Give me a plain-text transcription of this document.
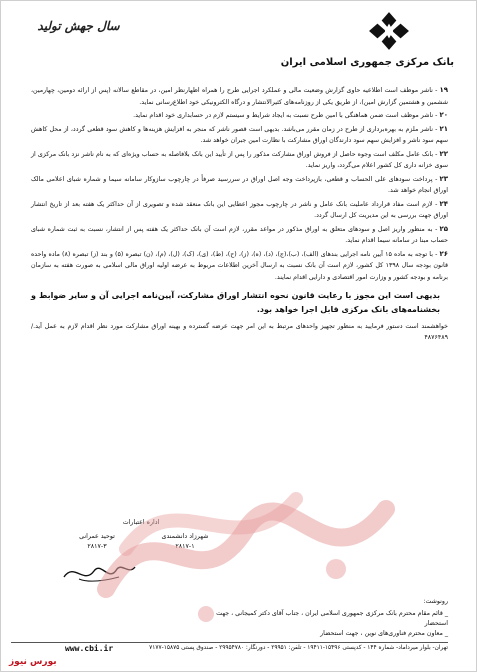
بانک مرکزی جمهوری اسلامی ایران
سال جهش تولید

۱۹- ناشر موظف است اطلاعیه حاوی گزارش وضعیت مالی و عملکرد اجرایی طرح را همراه اظهارنظر امین، در مقاطع سالانه (پس از ارائه دومین، چهارمین، ششمین و هشتمین گزارش امین)، از طریق یکی از روزنامه‌های کثیرالانتشار و درگاه الکترونیکی خود اطلاع‌رسانی نماید.

۲۰- ناشر موظف است ضمن هماهنگی با امین طرح نسبت به ایجاد شرایط و سیستم لازم در حسابداری خود اقدام نماید.

۲۱- ناشر ملزم به بهره‌برداری از طرح در زمان مقرر می‌باشد. بدیهی است قصور ناشر که منجر به افزایش هزینه‌ها و کاهش سود قطعی گردد، از محل کاهش سهم سود ناشر و افزایش سهم سود دارندگان اوراق مشارکت با نظارت امین جبران خواهد شد.

۲۲- بانک عامل مکلف است وجوه حاصل از فروش اوراق مشارکت مذکور را پس از تأیید این بانک بلافاصله به حساب ویژه‌ای که به نام ناشر نزد بانک مرکزی از سوی خزانه داری کل کشور اعلام می‌گردد، واریز نماید.

۲۳- پرداخت سودهای علی الحساب و قطعی، بازپرداخت وجه اصل اوراق در سررسید صرفاً در چارچوب سازوکار سامانه سیما و شماره شبای اعلامی مالک اوراق انجام خواهد شد.

۲۴- لازم است مفاد قرارداد عاملیت بانک عامل و ناشر در چارچوب مجوز اعطایی این بانک منعقد شده و تصویری از آن حداکثر یک هفته بعد از تاریخ انتشار اوراق جهت بررسی به این مدیریت کل ارسال گردد.

۲۵- به منظور واریز اصل و سودهای متعلق به اوراق مذکور در مواعد مقرر، لازم است آن بانک حداکثر یک هفته پس از انتشار، نسبت به ثبت شماره شبای حساب مبنا در سامانه سیما اقدام نماید.

۲۶- با توجه به ماده ۱۵ آیین نامه اجرایی بندهای (الف)، (ب)،(ج)، (د)، (ه)، (ز)، (ح)، (ط)، (ی)، (ک)، (ل)، (م)، (ن) تبصره (۵) و بند (ز) تبصره (۸) ماده واحده قانون بودجه سال ۱۳۹۸ کل کشور، لازم است آن بانک نسبت به ارسال آخرین اطلاعات مربوط به عرضه اولیه اوراق مالی اسلامی به صورت هفته به سازمان برنامه و بودجه کشور و وزارت امور اقتصادی و دارایی اقدام نمایند.

بدیهی است این مجوز با رعایت قانون نحوه انتشار اوراق مشارکت، آیین‌نامه اجرایی آن و سایر ضوابط و بخشنامه‌های بانک مرکزی قابل اجرا خواهد بود.

خواهشمند است دستور فرمایید به منظور تجهیز واحدهای مرتبط به این امر جهت عرضه گسترده و بهینه اوراق مشارکت مورد نظر اقدام لازم به عمل آید./۴۸۷۶۴۸۹

اداره اعتبارات
شهرزاد دانشمندی
۲۸۱۷-۱
توحید عمرانی
۲۸۱۷-۳
رونوشت:
_ قائم مقام محترم بانک مرکزی جمهوری اسلامی ایران ، جناب آقای دکتر کمیجانی ، جهت استحضار
_ معاون محترم فناوری‌های نوین ، جهت استحضار
تهران- بلوار میرداماد- شماره ۱۴۴ - کدپستی ۱۵۴۹۶-۱۹۴۱۱ - تلفن: ۲۹۹۵۱ - دورنگار: ۲۹۹۵۴۷۸۰ - صندوق پستی ۱۵۸۷۵-۷۱۷۷
www.cbi.ir
بورس نیوز
